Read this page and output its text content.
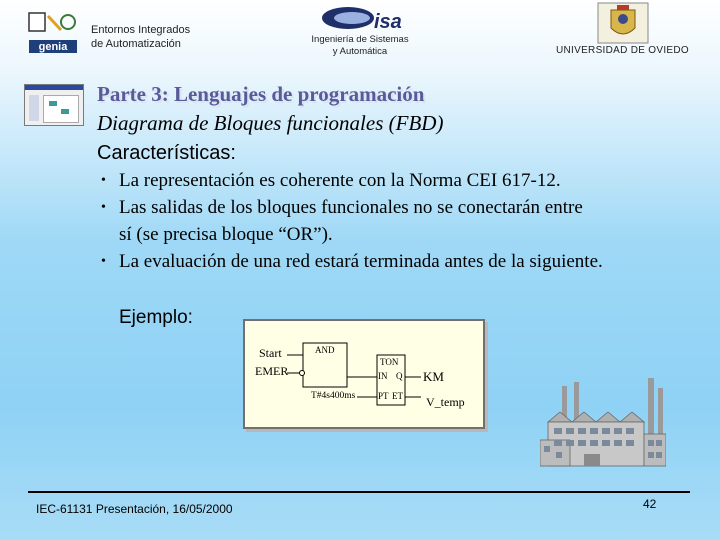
genia
Entornos Integrados
de Automatización
isa
Ingeniería de Sistemas
y Automática	UNIVERSIDAD DE OVIEDO
Parte 3: Lenguajes de programación
Diagrama de Bloques funcionales (FBD)
Características:
• La representación es coherente con la Norma CEI 617-12.
• Las salidas de los bloques funcionales no se conectarán entre
sí (se precisa bloque “OR”).
• La evaluación de una red estará terminada antes de la siguiente.
Ejemplo:
Start
EMER
AND
TON
IN Q
PT ET
T#4s400ms
KM
V_temp
IEC-61131 Presentación, 16/05/2000	42
